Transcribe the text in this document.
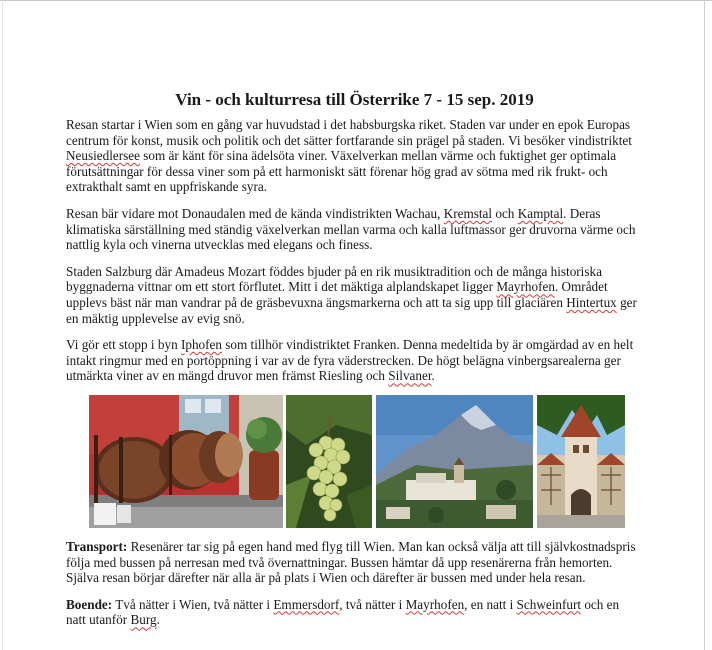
Vin - och kulturresa till Österrike 7 - 15 sep. 2019

Resan startar i Wien som en gång var huvudstad i det habsburgska riket. Staden var under en epok Europas centrum för konst, musik och politik och det sätter fortfarande sin prägel på staden. Vi besöker vindistriktet Neusiedlersee som är känt för sina ädelsöta viner. Växelverkan mellan värme och fuktighet ger optimala förutsättningar för dessa viner som på ett harmoniskt sätt förenar hög grad av sötma med rik frukt- och extrakthalt samt en uppfriskande syra.

Resan bär vidare mot Donaudalen med de kända vindistrikten Wachau, Kremstal och Kamptal. Deras klimatiska särställning med ständig växelverkan mellan varma och kalla luftmassor ger druvorna värme och nattlig kyla och vinerna utvecklas med elegans och finess.

Staden Salzburg där Amadeus Mozart föddes bjuder på en rik musiktradition och de många historiska byggnaderna vittnar om ett stort förflutet. Mitt i det mäktiga alplandskapet ligger Mayrhofen. Området upplevs bäst när man vandrar på de gräsbevuxna ängsmarkerna och att ta sig upp till glaciären Hintertux ger en mäktig upplevelse av evig snö.

Vi gör ett stopp i byn Iphofen som tillhör vindistriktet Franken. Denna medeltida by är omgärdad av en helt intakt ringmur med en portöppning i var av de fyra väderstrecken. De högt belägna vinbergsarealerna ger utmärkta viner av en mängd druvor men främst Riesling och Silvaner.

Transport: Resenärer tar sig på egen hand med flyg till Wien. Man kan också välja att till självkostnadspris följa med bussen på nerresan med två övernattningar. Bussen hämtar då upp resenärerna från hemorten. Själva resan börjar därefter när alla är på plats i Wien och därefter är bussen med under hela resan.

Boende: Två nätter i Wien, två nätter i Emmersdorf, två nätter i Mayrhofen, en natt i Schweinfurt och en natt utanför Burg.
